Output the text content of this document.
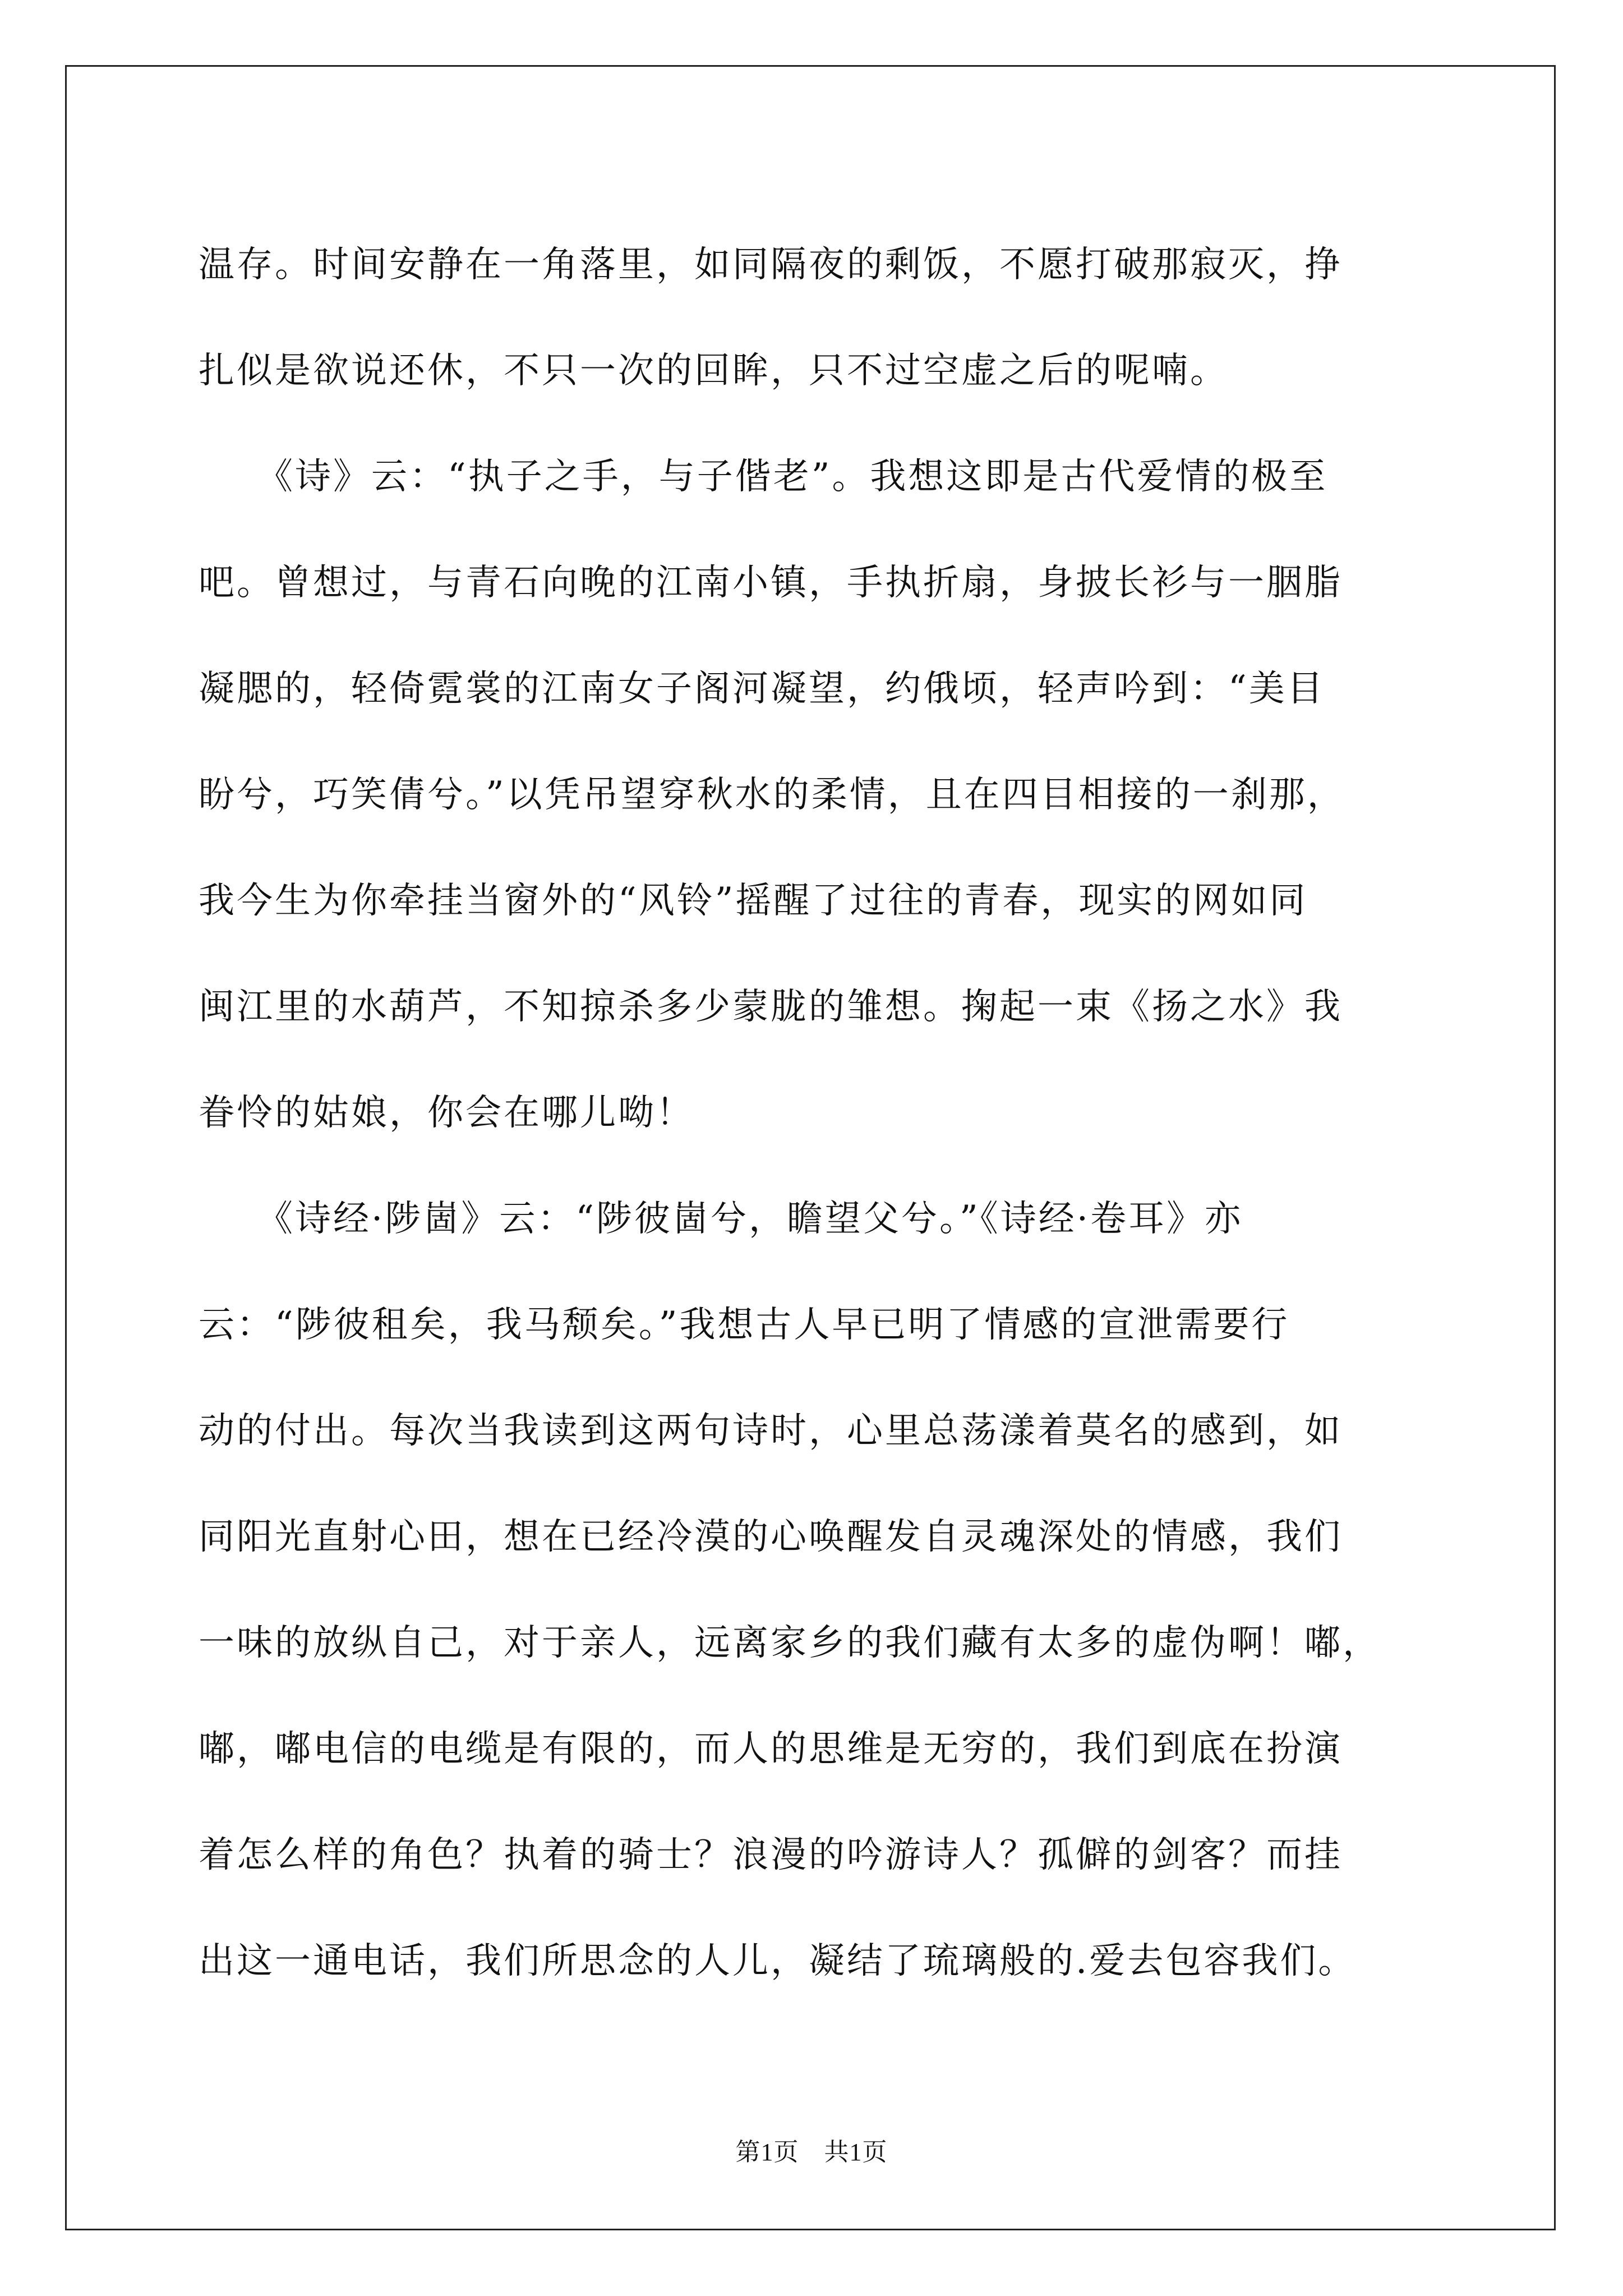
温存。时间安静在一角落里，如同隔夜的剩饭，不愿打破那寂灭，挣
扎似是欲说还休，不只一次的回眸，只不过空虚之后的呢喃。
　　《诗》云：“执子之手，与子偕老”。我想这即是古代爱情的极至
吧。曾想过，与青石向晚的江南小镇，手执折扇，身披长衫与一胭脂
凝腮的，轻倚霓裳的江南女子阁河凝望，约俄顷，轻声吟到：“美目
盼兮，巧笑倩兮。”以凭吊望穿秋水的柔情，且在四目相接的一刹那，
我今生为你牵挂当窗外的“风铃”摇醒了过往的青春，现实的网如同
闽江里的水葫芦，不知掠杀多少蒙胧的雏想。掬起一束《扬之水》我
眷怜的姑娘，你会在哪儿呦！
　　《诗经·陟崮》云：“陟彼崮兮，瞻望父兮。”《诗经·卷耳》亦
云：“陟彼租矣，我马颓矣。”我想古人早已明了情感的宣泄需要行
动的付出。每次当我读到这两句诗时，心里总荡漾着莫名的感到，如
同阳光直射心田，想在已经冷漠的心唤醒发自灵魂深处的情感，我们
一味的放纵自己，对于亲人，远离家乡的我们藏有太多的虚伪啊！嘟，
嘟，嘟电信的电缆是有限的，而人的思维是无穷的，我们到底在扮演
着怎么样的角色？执着的骑士？浪漫的吟游诗人？孤僻的剑客？而挂
出这一通电话，我们所思念的人儿，凝结了琉璃般的.爱去包容我们。
第1页　共1页
